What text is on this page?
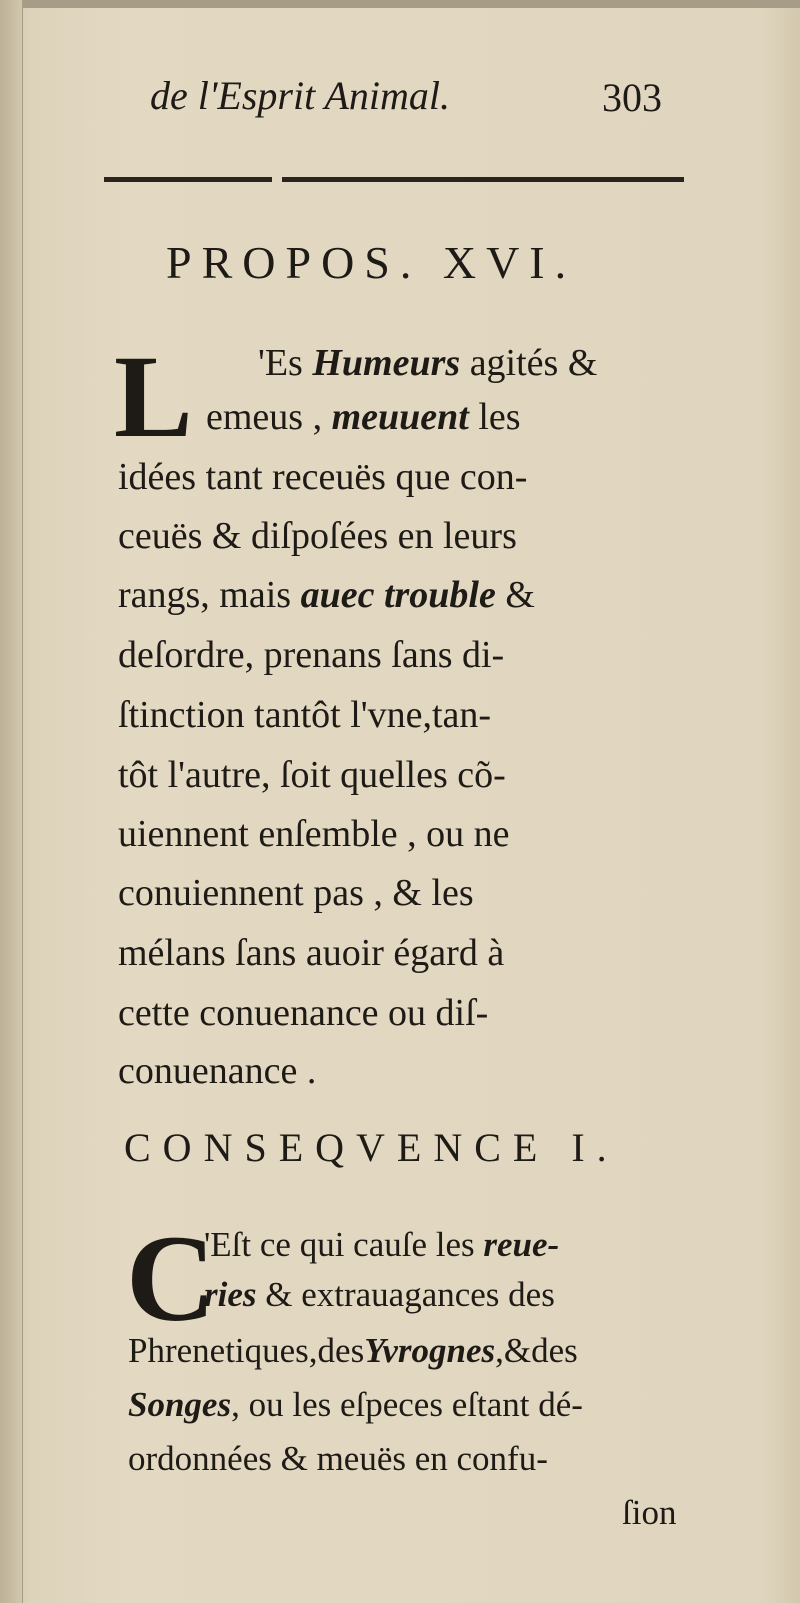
de l'Esprit Animal.	303
PROPOS. XVI.
L 'Es Humeurs agités &
emeus , meuuent les
idées tant receuës que con-
ceuës & diſpoſées en leurs
rangs, mais auec trouble &
deſordre, prenans ſans di-
ſtinction tantôt l'vne,tan-
tôt l'autre, ſoit quelles cõ-
uiennent enſemble , ou ne
conuiennent pas , & les
mélans ſans auoir égard à
cette conuenance ou diſ-
conuenance .
CONSEQVENCE I.
C
'Eſt ce qui cauſe les reue-
ries & extrauagances des
Phrenetiques,desYvrognes,&des
Songes, ou les eſpeces eſtant dé-
ordonnées & meuës en confu-
ſion
